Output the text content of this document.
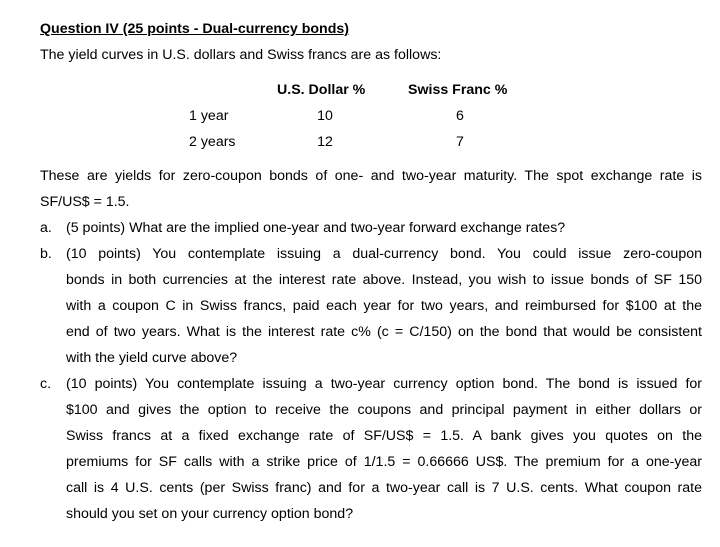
Question IV (25 points - Dual-currency bonds)
The yield curves in U.S. dollars and Swiss francs are as follows:
U.S. Dollar %	Swiss Franc %
1 year	10	6
2 years	12	7
These are yields for zero-coupon bonds of one- and two-year maturity. The spot exchange rate is
SF/US$ = 1.5.
a. (5 points) What are the implied one-year and two-year forward exchange rates?
b. (10 points) You contemplate issuing a dual-currency bond. You could issue zero-coupon
bonds in both currencies at the interest rate above. Instead, you wish to issue bonds of SF 150
with a coupon C in Swiss francs, paid each year for two years, and reimbursed for $100 at the
end of two years. What is the interest rate c% (c = C/150) on the bond that would be consistent
with the yield curve above?
c. (10 points) You contemplate issuing a two-year currency option bond. The bond is issued for
$100 and gives the option to receive the coupons and principal payment in either dollars or
Swiss francs at a fixed exchange rate of SF/US$ = 1.5. A bank gives you quotes on the
premiums for SF calls with a strike price of 1/1.5 = 0.66666 US$. The premium for a one-year
call is 4 U.S. cents (per Swiss franc) and for a two-year call is 7 U.S. cents. What coupon rate
should you set on your currency option bond?
